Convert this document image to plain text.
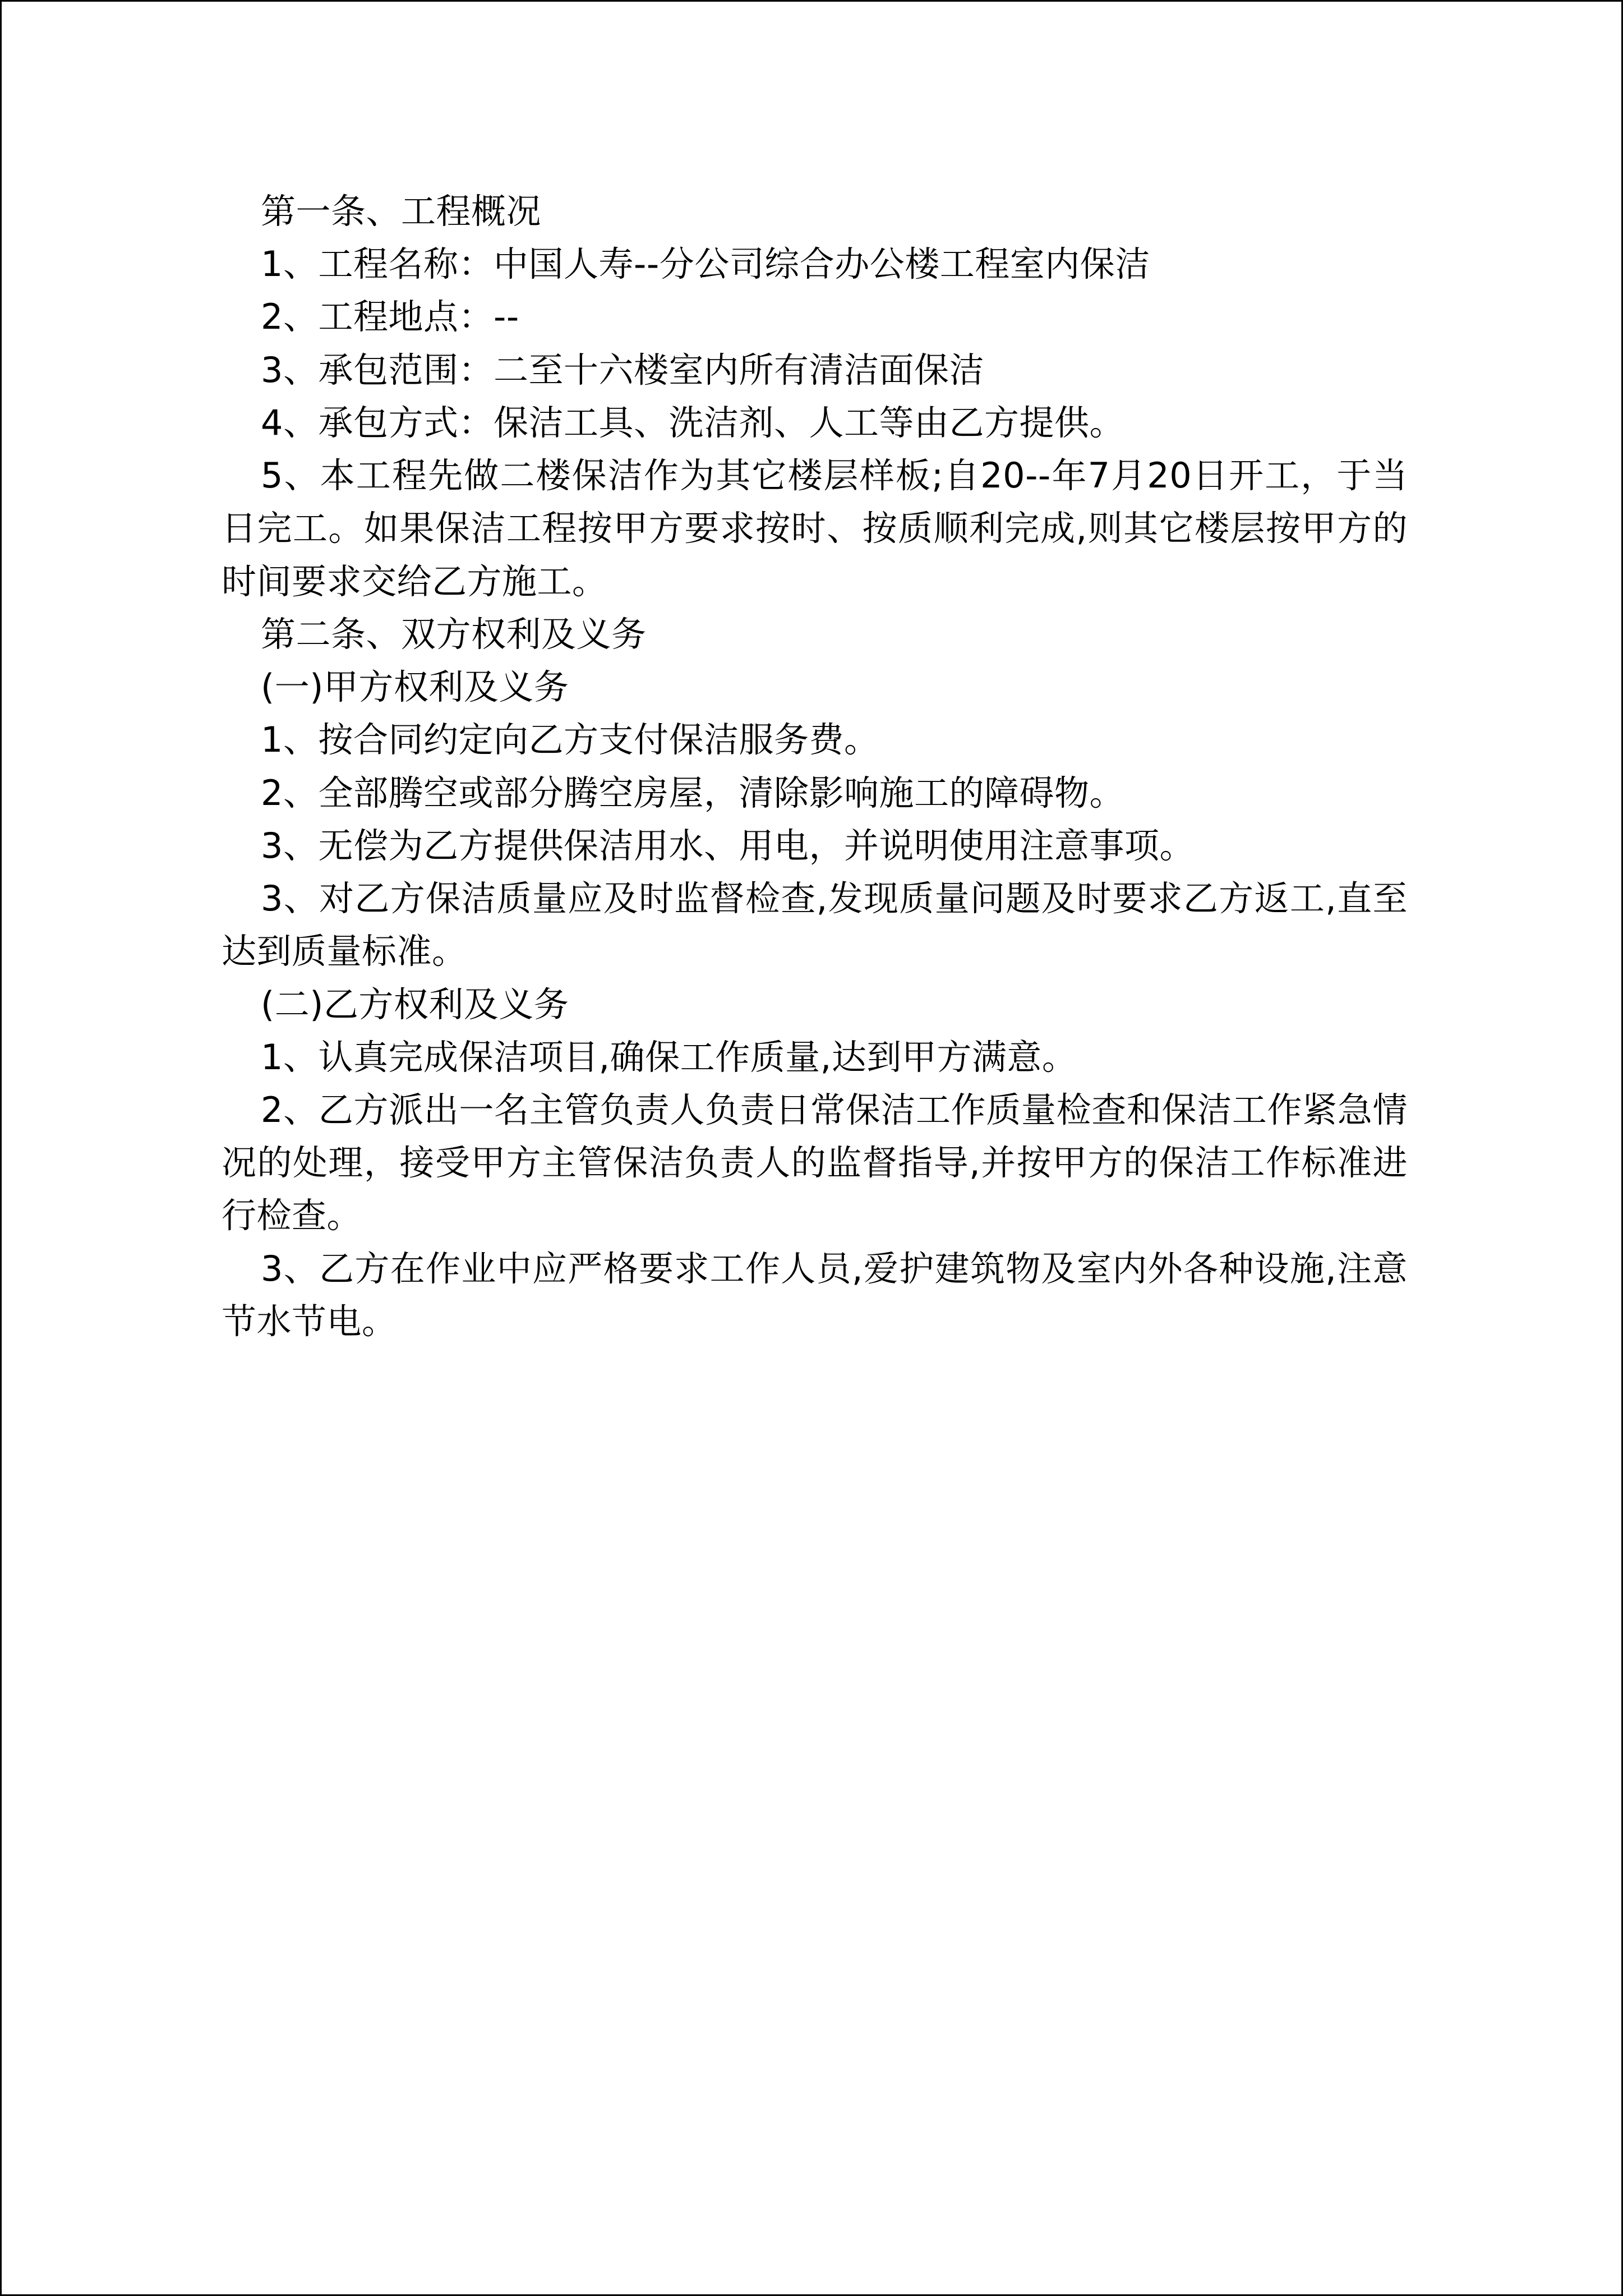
第一条、工程概况

1、工程名称：中国人寿--分公司综合办公楼工程室内保洁

2、工程地点：--

3、承包范围：二至十六楼室内所有清洁面保洁

4、承包方式：保洁工具、洗洁剂、人工等由乙方提供。

5、本工程先做二楼保洁作为其它楼层样板;自20--年7月20日开工，于当日完工。如果保洁工程按甲方要求按时、按质顺利完成,则其它楼层按甲方的时间要求交给乙方施工。

第二条、双方权利及义务

(一)甲方权利及义务

1、按合同约定向乙方支付保洁服务费。

2、全部腾空或部分腾空房屋，清除影响施工的障碍物。

3、无偿为乙方提供保洁用水、用电，并说明使用注意事项。

3、对乙方保洁质量应及时监督检查,发现质量问题及时要求乙方返工,直至达到质量标准。

(二)乙方权利及义务

1、认真完成保洁项目,确保工作质量,达到甲方满意。

2、乙方派出一名主管负责人负责日常保洁工作质量检查和保洁工作紧急情况的处理，接受甲方主管保洁负责人的监督指导,并按甲方的保洁工作标准进行检查。

3、乙方在作业中应严格要求工作人员,爱护建筑物及室内外各种设施,注意节水节电。
